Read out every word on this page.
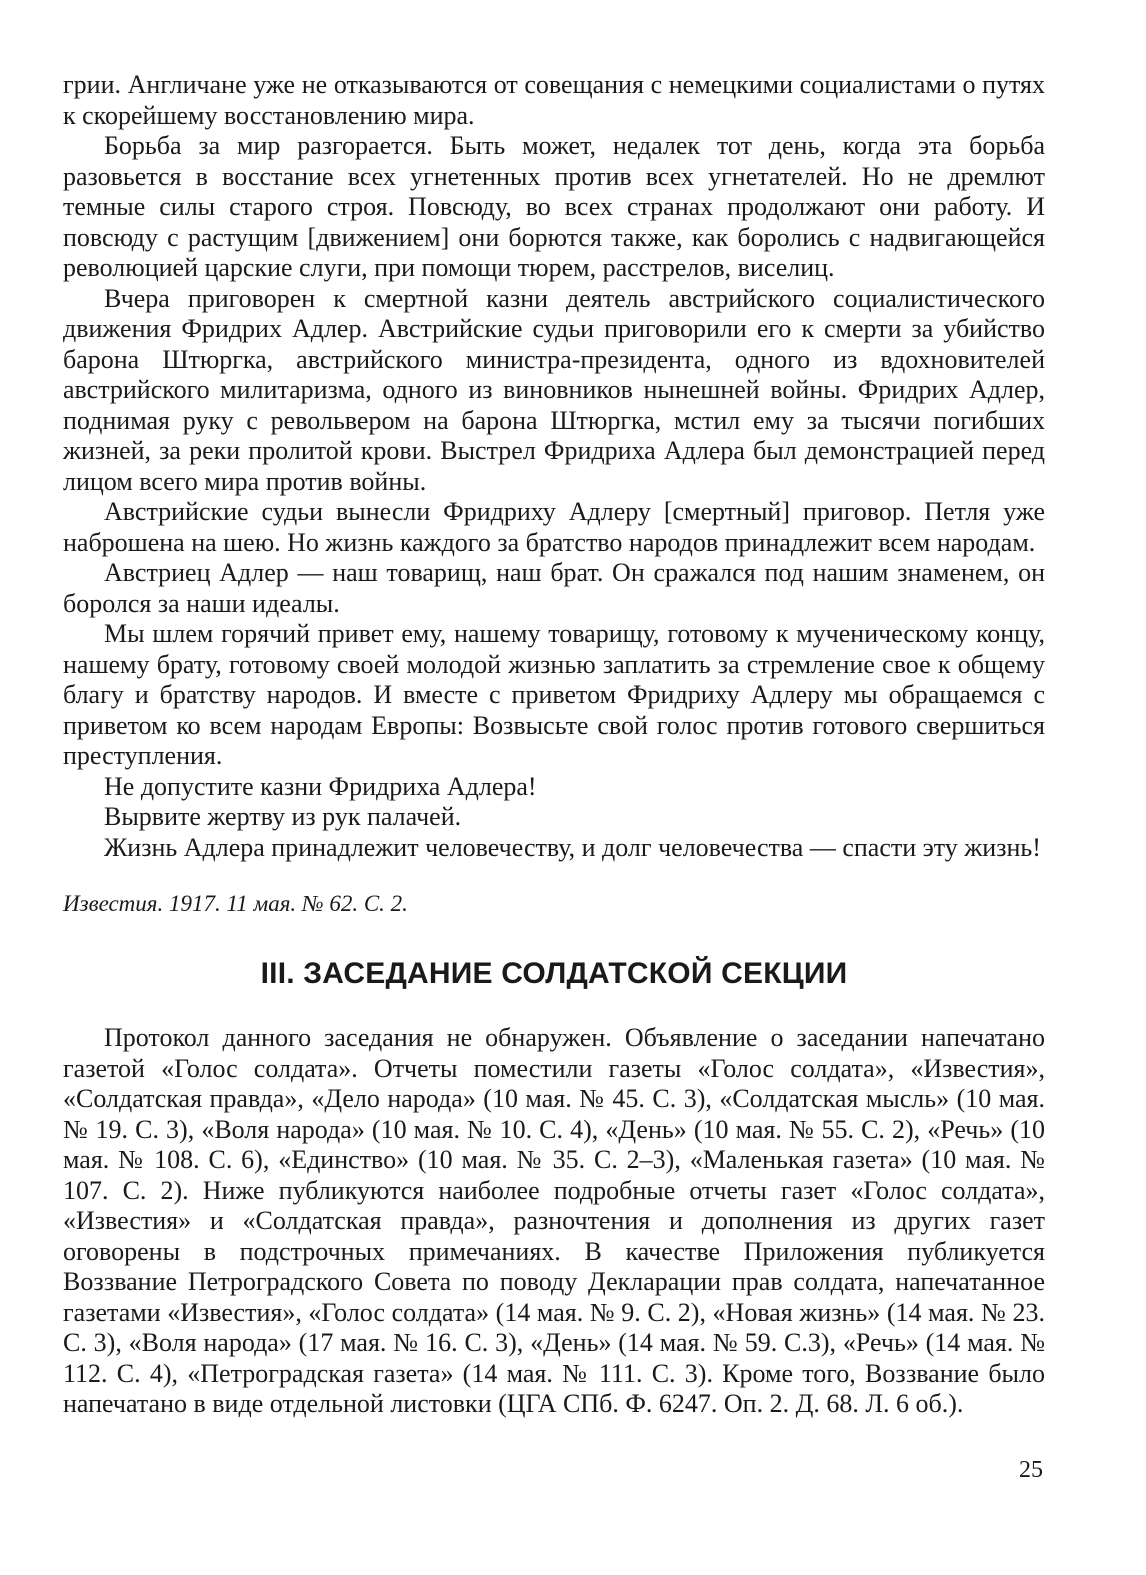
грии. Англичане уже не отказываются от совещания с немецкими социалистами о путях к скорейшему восстановлению мира.

Борьба за мир разгорается. Быть может, недалек тот день, когда эта борьба разовьется в восстание всех угнетенных против всех угнетателей. Но не дремлют темные силы старого строя. Повсюду, во всех странах продолжают они работу. И повсюду с растущим [движением] они борются также, как боролись с надвигающейся революцией царские слуги, при помощи тюрем, расстрелов, виселиц.

Вчера приговорен к смертной казни деятель австрийского социалистического движения Фридрих Адлер. Австрийские судьи приговорили его к смерти за убийство барона Штюргка, австрийского министра-президента, одного из вдохновителей австрийского милитаризма, одного из виновников нынешней войны. Фридрих Адлер, поднимая руку с револьвером на барона Штюргка, мстил ему за тысячи погибших жизней, за реки пролитой крови. Выстрел Фридриха Адлера был демонстрацией перед лицом всего мира против войны.

Австрийские судьи вынесли Фридриху Адлеру [смертный] приговор. Петля уже наброшена на шею. Но жизнь каждого за братство народов принадлежит всем народам.

Австриец Адлер — наш товарищ, наш брат. Он сражался под нашим знаменем, он боролся за наши идеалы.

Мы шлем горячий привет ему, нашему товарищу, готовому к мученическому концу, нашему брату, готовому своей молодой жизнью заплатить за стремление свое к общему благу и братству народов. И вместе с приветом Фридриху Адлеру мы обращаемся с приветом ко всем народам Европы: Возвысьте свой голос против готового свершиться преступления.

Не допустите казни Фридриха Адлера!

Вырвите жертву из рук палачей.

Жизнь Адлера принадлежит человечеству, и долг человечества — спасти эту жизнь!

Известия. 1917. 11 мая. № 62. С. 2.

III. ЗАСЕДАНИЕ СОЛДАТСКОЙ СЕКЦИИ

Протокол данного заседания не обнаружен. Объявление о заседании напечатано газетой «Голос солдата». Отчеты поместили газеты «Голос солдата», «Известия», «Солдатская правда», «Дело народа» (10 мая. № 45. С. 3), «Солдатская мысль» (10 мая. № 19. С. 3), «Воля народа» (10 мая. № 10. С. 4), «День» (10 мая. № 55. С. 2), «Речь» (10 мая. № 108. С. 6), «Единство» (10 мая. № 35. С. 2–3), «Маленькая газета» (10 мая. № 107. С. 2). Ниже публикуются наиболее подробные отчеты газет «Голос солдата», «Известия» и «Солдатская правда», разночтения и дополнения из других газет оговорены в подстрочных примечаниях. В качестве Приложения публикуется Воззвание Петроградского Совета по поводу Декларации прав солдата, напечатанное газетами «Известия», «Голос солдата» (14 мая. № 9. С. 2), «Новая жизнь» (14 мая. № 23. С. 3), «Воля народа» (17 мая. № 16. С. 3), «День» (14 мая. № 59. С.3), «Речь» (14 мая. № 112. С. 4), «Петроградская газета» (14 мая. № 111. С. 3). Кроме того, Воззвание было напечатано в виде отдельной листовки (ЦГА СПб. Ф. 6247. Оп. 2. Д. 68. Л. 6 об.).

25
